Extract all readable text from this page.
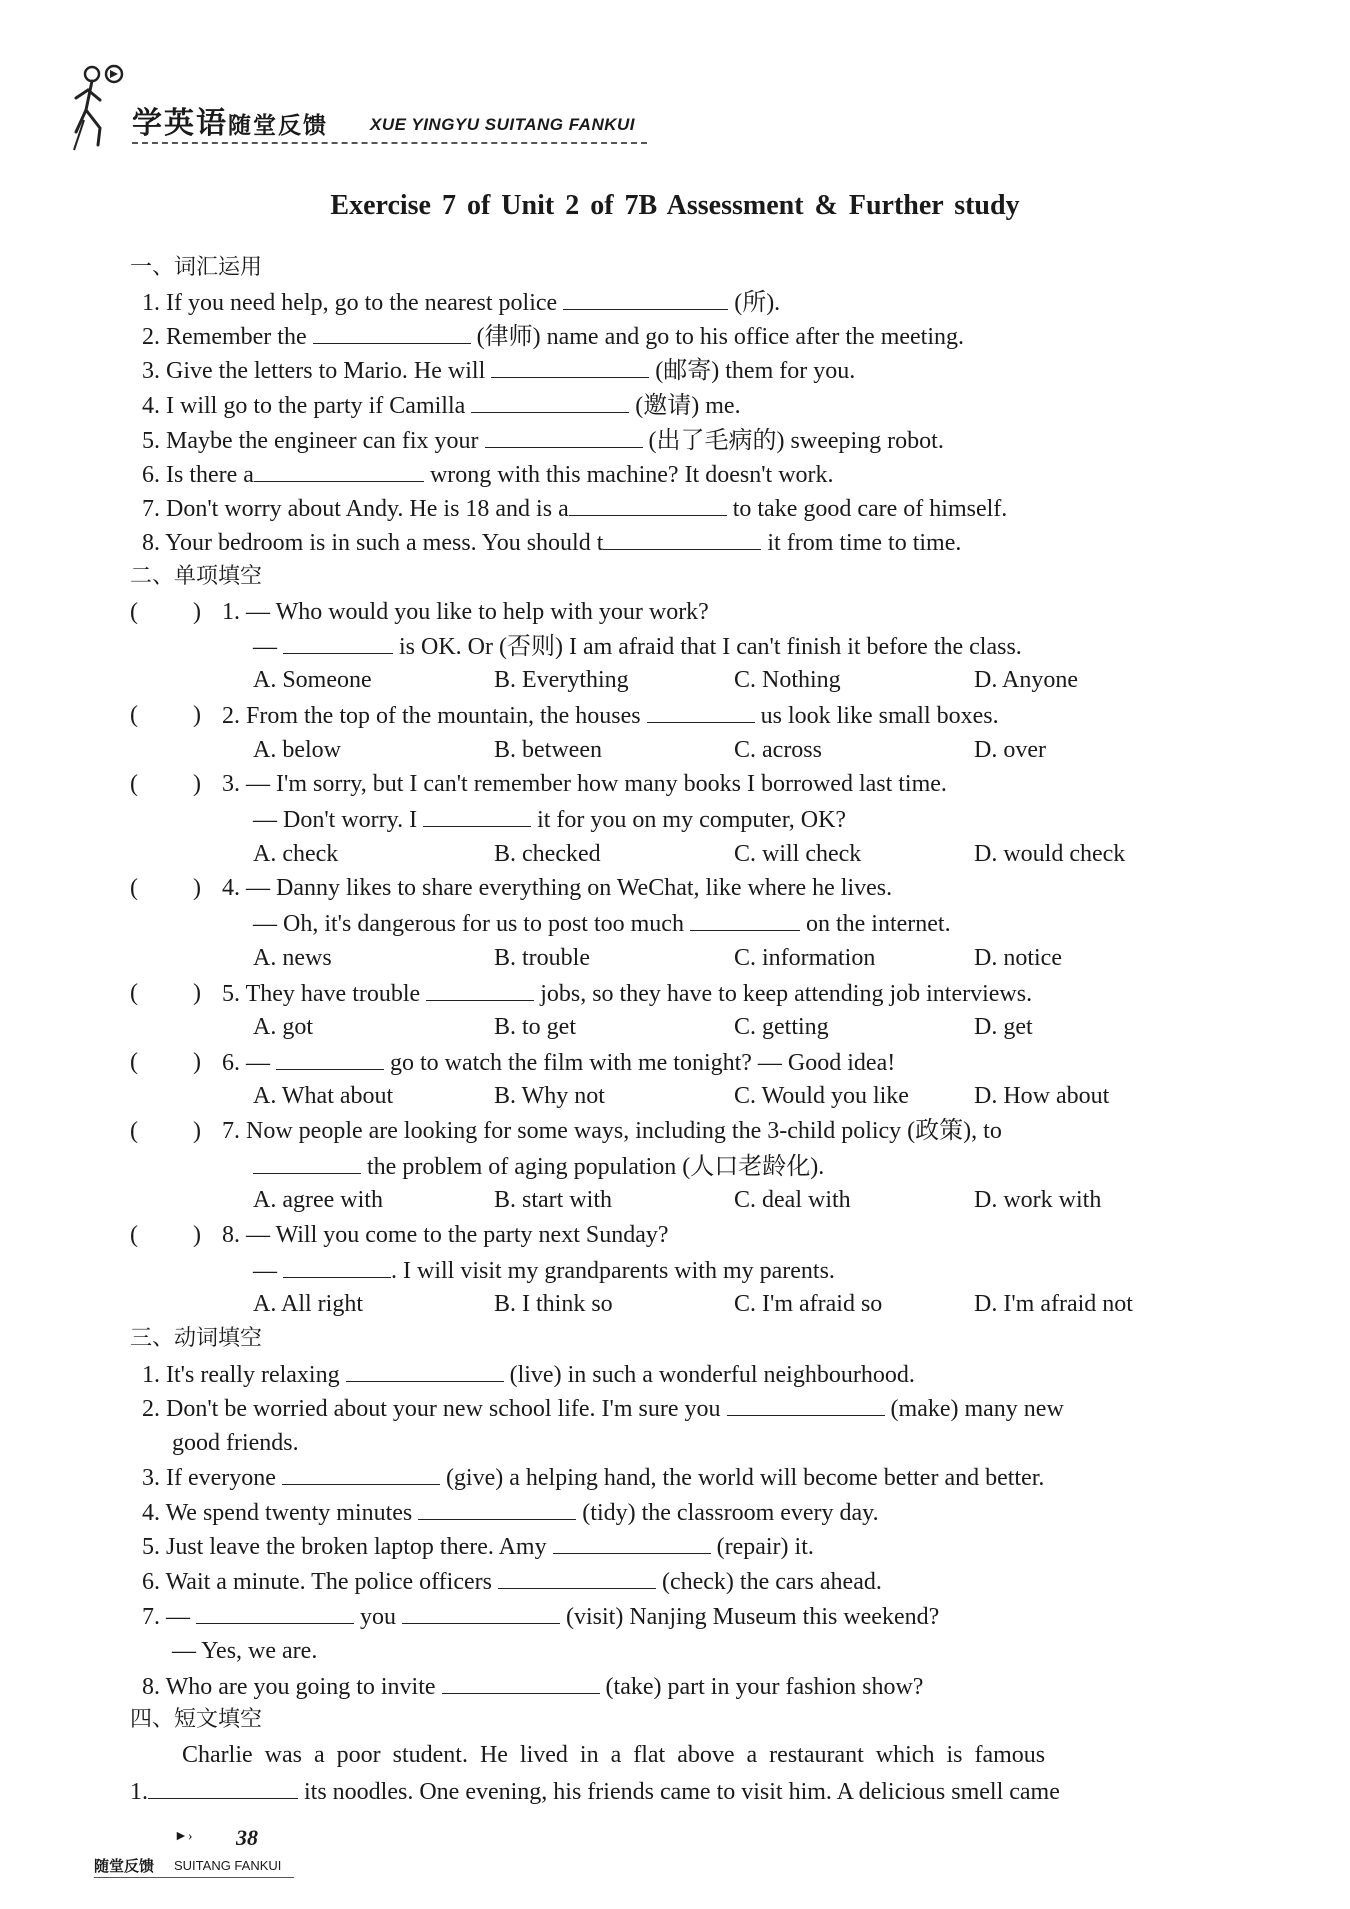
学英语随堂反馈 XUE YINGYU SUITANG FANKUI
Exercise 7 of Unit 2 of 7B Assessment & Further study
一、词汇运用
1. If you need help, go to the nearest police	(所).
2. Remember the	(律师) name and go to his office after the meeting.
3. Give the letters to Mario. He will	(邮寄) them for you.
4. I will go to the party if Camilla	(邀请) me.
5. Maybe the engineer can fix your	(出了毛病的) sweeping robot.
6. Is there a	wrong with this machine? It doesn't work.
7. Don't worry about Andy. He is 18 and is a	to take good care of himself.
8. Your bedroom is in such a mess. You should t	it from time to time.
二、单项填空
( ) 1. — Who would you like to help with your work?
—	is OK. Or (否则) I am afraid that I can't finish it before the class.
A. Someone	B. Everything	C. Nothing	D. Anyone
( ) 2. From the top of the mountain, the houses	us look like small boxes.
A. below	B. between	C. across	D. over
( ) 3. — I'm sorry, but I can't remember how many books I borrowed last time.
— Don't worry. I	it for you on my computer, OK?
A. check	B. checked	C. will check	D. would check
( ) 4. — Danny likes to share everything on WeChat, like where he lives.
— Oh, it's dangerous for us to post too much	on the internet.
A. news	B. trouble	C. information	D. notice
( ) 5. They have trouble	jobs, so they have to keep attending job interviews.
A. got	B. to get	C. getting	D. get
( ) 6. —	go to watch the film with me tonight? — Good idea!
A. What about	B. Why not	C. Would you like	D. How about
( ) 7. Now people are looking for some ways, including the 3-child policy (政策), to
the problem of aging population (人口老龄化).
A. agree with	B. start with	C. deal with	D. work with
( ) 8. — Will you come to the party next Sunday?
—	. I will visit my grandparents with my parents.
A. All right	B. I think so	C. I'm afraid so	D. I'm afraid not
三、动词填空
1. It's really relaxing	(live) in such a wonderful neighbourhood.
2. Don't be worried about your new school life. I'm sure you	(make) many new
good friends.
3. If everyone	(give) a helping hand, the world will become better and better.
4. We spend twenty minutes	(tidy) the classroom every day.
5. Just leave the broken laptop there. Amy	(repair) it.
6. Wait a minute. The police officers	(check) the cars ahead.
7. —	you	(visit) Nanjing Museum this weekend?
— Yes, we are.
8. Who are you going to invite	(take) part in your fashion show?
四、短文填空
Charlie was a poor student. He lived in a flat above a restaurant which is famous
1.	its noodles. One evening, his friends came to visit him. A delicious smell came
►› 38
随堂反馈 SUITANG FANKUI
